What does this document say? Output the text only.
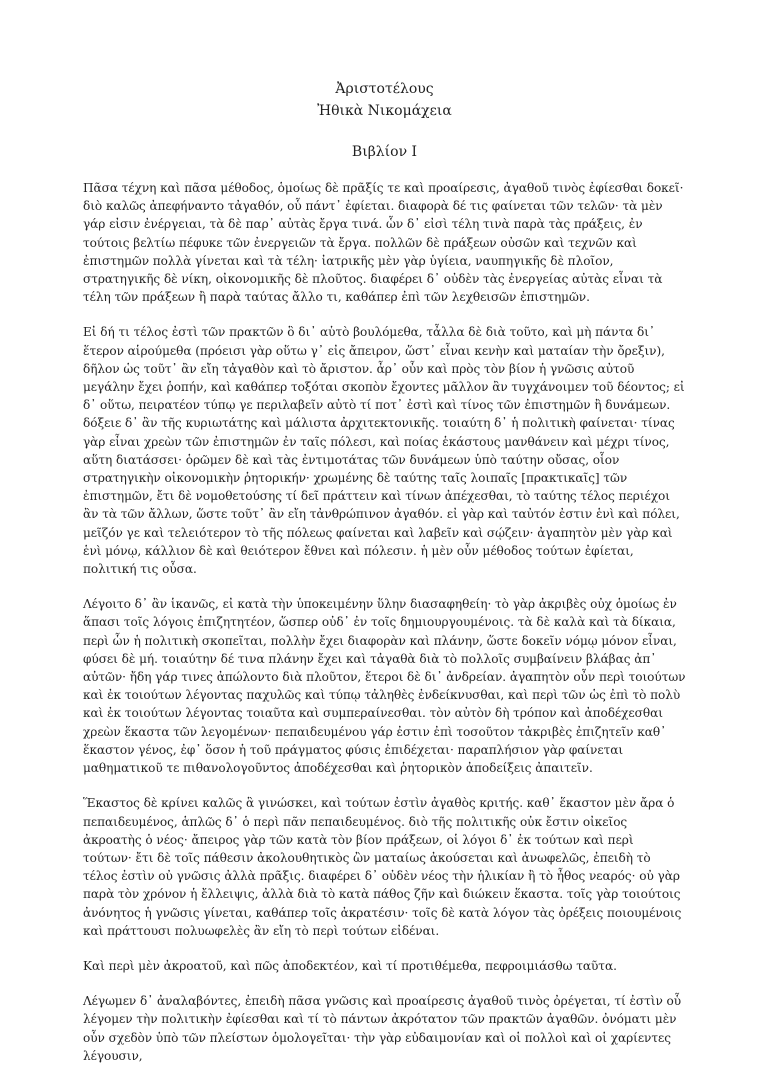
Ἀριστοτέλους
Ἠθικὰ Νικομάχεια
Βιβλίον Ι

Πᾶσα τέχνη καὶ πᾶσα μέθοδος, ὁμοίως δὲ πρᾶξίς τε καὶ προαίρεσις, ἀγαθοῦ τινὸς ἐφίεσθαι δοκεῖ· διὸ καλῶς ἀπεφήναντο τἀγαθόν, οὗ πάντ᾽ ἐφίεται. διαφορὰ δέ τις φαίνεται τῶν τελῶν· τὰ μὲν γάρ εἰσιν ἐνέργειαι, τὰ δὲ παρ᾽ αὐτὰς ἔργα τινά. ὧν δ᾽ εἰσὶ τέλη τινὰ παρὰ τὰς πράξεις, ἐν τούτοις βελτίω πέφυκε τῶν ἐνεργειῶν τὰ ἔργα. πολλῶν δὲ πράξεων οὐσῶν καὶ τεχνῶν καὶ ἐπιστημῶν πολλὰ γίνεται καὶ τὰ τέλη· ἰατρικῆς μὲν γὰρ ὑγίεια, ναυπηγικῆς δὲ πλοῖον, στρατηγικῆς δὲ νίκη, οἰκονομικῆς δὲ πλοῦτος. διαφέρει δ᾽ οὐδὲν τὰς ἐνεργείας αὐτὰς εἶναι τὰ τέλη τῶν πράξεων ἢ παρὰ ταύτας ἄλλο τι, καθάπερ ἐπὶ τῶν λεχθεισῶν ἐπιστημῶν.

Εἰ δή τι τέλος ἐστὶ τῶν πρακτῶν ὃ δι᾽ αὑτὸ βουλόμεθα, τἆλλα δὲ διὰ τοῦτο, καὶ μὴ πάντα δι᾽ ἕτερον αἱρούμεθα (πρόεισι γὰρ οὕτω γ᾽ εἰς ἄπειρον, ὥστ᾽ εἶναι κενὴν καὶ ματαίαν τὴν ὄρεξιν), δῆλον ὡς τοῦτ᾽ ἂν εἴη τἀγαθὸν καὶ τὸ ἄριστον. ἆρ᾽ οὖν καὶ πρὸς τὸν βίον ἡ γνῶσις αὐτοῦ μεγάλην ἔχει ῥοπήν, καὶ καθάπερ τοξόται σκοπὸν ἔχοντες μᾶλλον ἂν τυγχάνοιμεν τοῦ δέοντος; εἰ δ᾽ οὕτω, πειρατέον τύπῳ γε περιλαβεῖν αὐτὸ τί ποτ᾽ ἐστὶ καὶ τίνος τῶν ἐπιστημῶν ἢ δυνάμεων. δόξειε δ᾽ ἂν τῆς κυριωτάτης καὶ μάλιστα ἀρχιτεκτονικῆς. τοιαύτη δ᾽ ἡ πολιτικὴ φαίνεται· τίνας γὰρ εἶναι χρεὼν τῶν ἐπιστημῶν ἐν ταῖς πόλεσι, καὶ ποίας ἑκάστους μανθάνειν καὶ μέχρι τίνος, αὕτη διατάσσει· ὁρῶμεν δὲ καὶ τὰς ἐντιμοτάτας τῶν δυνάμεων ὑπὸ ταύτην οὔσας, οἷον στρατηγικὴν οἰκονομικὴν ῥητορικήν· χρωμένης δὲ ταύτης ταῖς λοιπαῖς [πρακτικαῖς] τῶν ἐπιστημῶν, ἔτι δὲ νομοθετούσης τί δεῖ πράττειν καὶ τίνων ἀπέχεσθαι, τὸ ταύτης τέλος περιέχοι ἂν τὰ τῶν ἄλλων, ὥστε τοῦτ᾽ ἂν εἴη τἀνθρώπινον ἀγαθόν. εἰ γὰρ καὶ ταὐτόν ἐστιν ἑνὶ καὶ πόλει, μεῖζόν γε καὶ τελειότερον τὸ τῆς πόλεως φαίνεται καὶ λαβεῖν καὶ σῴζειν· ἀγαπητὸν μὲν γὰρ καὶ ἑνὶ μόνῳ, κάλλιον δὲ καὶ θειότερον ἔθνει καὶ πόλεσιν. ἡ μὲν οὖν μέθοδος τούτων ἐφίεται, πολιτική τις οὖσα.

Λέγοιτο δ᾽ ἂν ἱκανῶς, εἰ κατὰ τὴν ὑποκειμένην ὕλην διασαφηθείη· τὸ γὰρ ἀκριβὲς οὐχ ὁμοίως ἐν ἅπασι τοῖς λόγοις ἐπιζητητέον, ὥσπερ οὐδ᾽ ἐν τοῖς δημιουργουμένοις. τὰ δὲ καλὰ καὶ τὰ δίκαια, περὶ ὧν ἡ πολιτικὴ σκοπεῖται, πολλὴν ἔχει διαφορὰν καὶ πλάνην, ὥστε δοκεῖν νόμῳ μόνον εἶναι, φύσει δὲ μή. τοιαύτην δέ τινα πλάνην ἔχει καὶ τἀγαθὰ διὰ τὸ πολλοῖς συμβαίνειν βλάβας ἀπ᾽ αὐτῶν· ἤδη γάρ τινες ἀπώλοντο διὰ πλοῦτον, ἕτεροι δὲ δι᾽ ἀνδρείαν. ἀγαπητὸν οὖν περὶ τοιούτων καὶ ἐκ τοιούτων λέγοντας παχυλῶς καὶ τύπῳ τἀληθὲς ἐνδείκνυσθαι, καὶ περὶ τῶν ὡς ἐπὶ τὸ πολὺ καὶ ἐκ τοιούτων λέγοντας τοιαῦτα καὶ συμπεραίνεσθαι. τὸν αὐτὸν δὴ τρόπον καὶ ἀποδέχεσθαι χρεὼν ἕκαστα τῶν λεγομένων· πεπαιδευμένου γάρ ἐστιν ἐπὶ τοσοῦτον τἀκριβὲς ἐπιζητεῖν καθ᾽ ἕκαστον γένος, ἐφ᾽ ὅσον ἡ τοῦ πράγματος φύσις ἐπιδέχεται· παραπλήσιον γὰρ φαίνεται μαθηματικοῦ τε πιθανολογοῦντος ἀποδέχεσθαι καὶ ῥητορικὸν ἀποδείξεις ἀπαιτεῖν.

Ἕκαστος δὲ κρίνει καλῶς ἃ γινώσκει, καὶ τούτων ἐστὶν ἀγαθὸς κριτής. καθ᾽ ἕκαστον μὲν ἄρα ὁ πεπαιδευμένος, ἁπλῶς δ᾽ ὁ περὶ πᾶν πεπαιδευμένος. διὸ τῆς πολιτικῆς οὐκ ἔστιν οἰκεῖος ἀκροατὴς ὁ νέος· ἄπειρος γὰρ τῶν κατὰ τὸν βίον πράξεων, οἱ λόγοι δ᾽ ἐκ τούτων καὶ περὶ τούτων· ἔτι δὲ τοῖς πάθεσιν ἀκολουθητικὸς ὢν ματαίως ἀκούσεται καὶ ἀνωφελῶς, ἐπειδὴ τὸ τέλος ἐστὶν οὐ γνῶσις ἀλλὰ πρᾶξις. διαφέρει δ᾽ οὐδὲν νέος τὴν ἡλικίαν ἢ τὸ ἦθος νεαρός· οὐ γὰρ παρὰ τὸν χρόνον ἡ ἔλλειψις, ἀλλὰ διὰ τὸ κατὰ πάθος ζῆν καὶ διώκειν ἕκαστα. τοῖς γὰρ τοιούτοις ἀνόνητος ἡ γνῶσις γίνεται, καθάπερ τοῖς ἀκρατέσιν· τοῖς δὲ κατὰ λόγον τὰς ὀρέξεις ποιουμένοις καὶ πράττουσι πολυωφελὲς ἂν εἴη τὸ περὶ τούτων εἰδέναι.

Καὶ περὶ μὲν ἀκροατοῦ, καὶ πῶς ἀποδεκτέον, καὶ τί προτιθέμεθα, πεφροιμιάσθω ταῦτα.

Λέγωμεν δ᾽ ἀναλαβόντες, ἐπειδὴ πᾶσα γνῶσις καὶ προαίρεσις ἀγαθοῦ τινὸς ὀρέγεται, τί ἐστὶν οὗ λέγομεν τὴν πολιτικὴν ἐφίεσθαι καὶ τί τὸ πάντων ἀκρότατον τῶν πρακτῶν ἀγαθῶν. ὀνόματι μὲν οὖν σχεδὸν ὑπὸ τῶν πλείστων ὁμολογεῖται· τὴν γὰρ εὐδαιμονίαν καὶ οἱ πολλοὶ καὶ οἱ χαρίεντες λέγουσιν,
